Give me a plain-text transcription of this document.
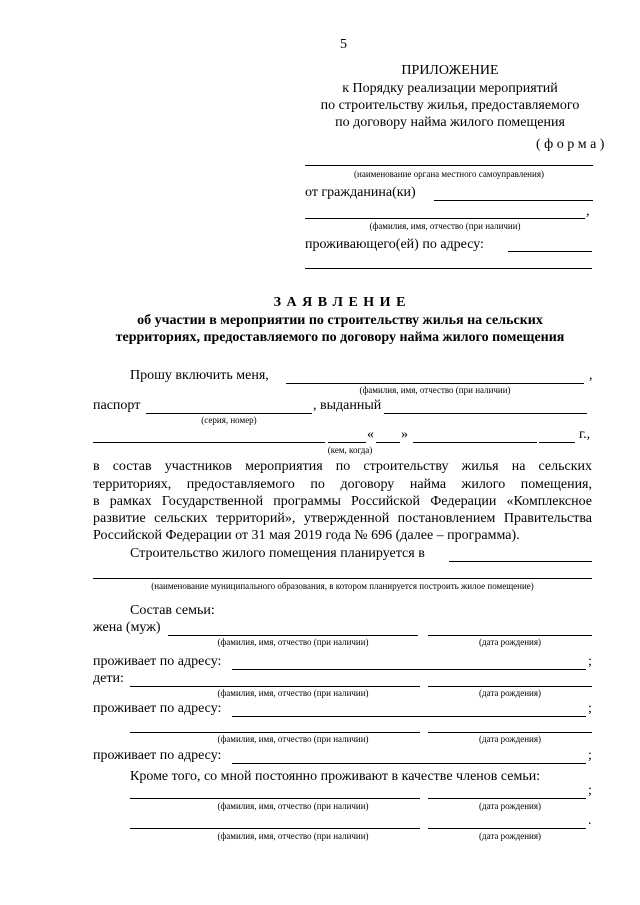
5
ПРИЛОЖЕНИЕ
к Порядку реализации мероприятий
по строительству жилья, предоставляемого
по договору найма жилого помещения
( ф о р м а )
(наименование органа местного самоуправления)
от гражданина(ки)
,
(фамилия, имя, отчество (при наличии)
проживающего(ей) по адресу:
З А Я В Л Е Н И Е
об участии в мероприятии по строительству жилья на сельских
территориях, предоставляемого по договору найма жилого помещения
Прошу включить меня,	,
(фамилия, имя, отчество (при наличии)
паспорт	, выданный
(серия, номер)
« »	г.,
(кем, когда)
в состав участников мероприятия по строительству жилья на сельских
территориях, предоставляемого по договору найма жилого помещения,
в рамках Государственной программы Российской Федерации «Комплексное
развитие сельских территорий», утвержденной постановлением Правительства
Российской Федерации от 31 мая 2019 года № 696 (далее – программа).
Строительство жилого помещения планируется в
(наименование муниципального образования, в котором планируется построить жилое помещение)
Состав семьи:
жена (муж)
(фамилия, имя, отчество (при наличии)	(дата рождения)
проживает по адресу:	;
дети:
(фамилия, имя, отчество (при наличии)	(дата рождения)
проживает по адресу:	;
(фамилия, имя, отчество (при наличии)	(дата рождения)
проживает по адресу:	;
Кроме того, со мной постоянно проживают в качестве членов семьи:
;
(фамилия, имя, отчество (при наличии)	(дата рождения)
.
(фамилия, имя, отчество (при наличии)	(дата рождения)
